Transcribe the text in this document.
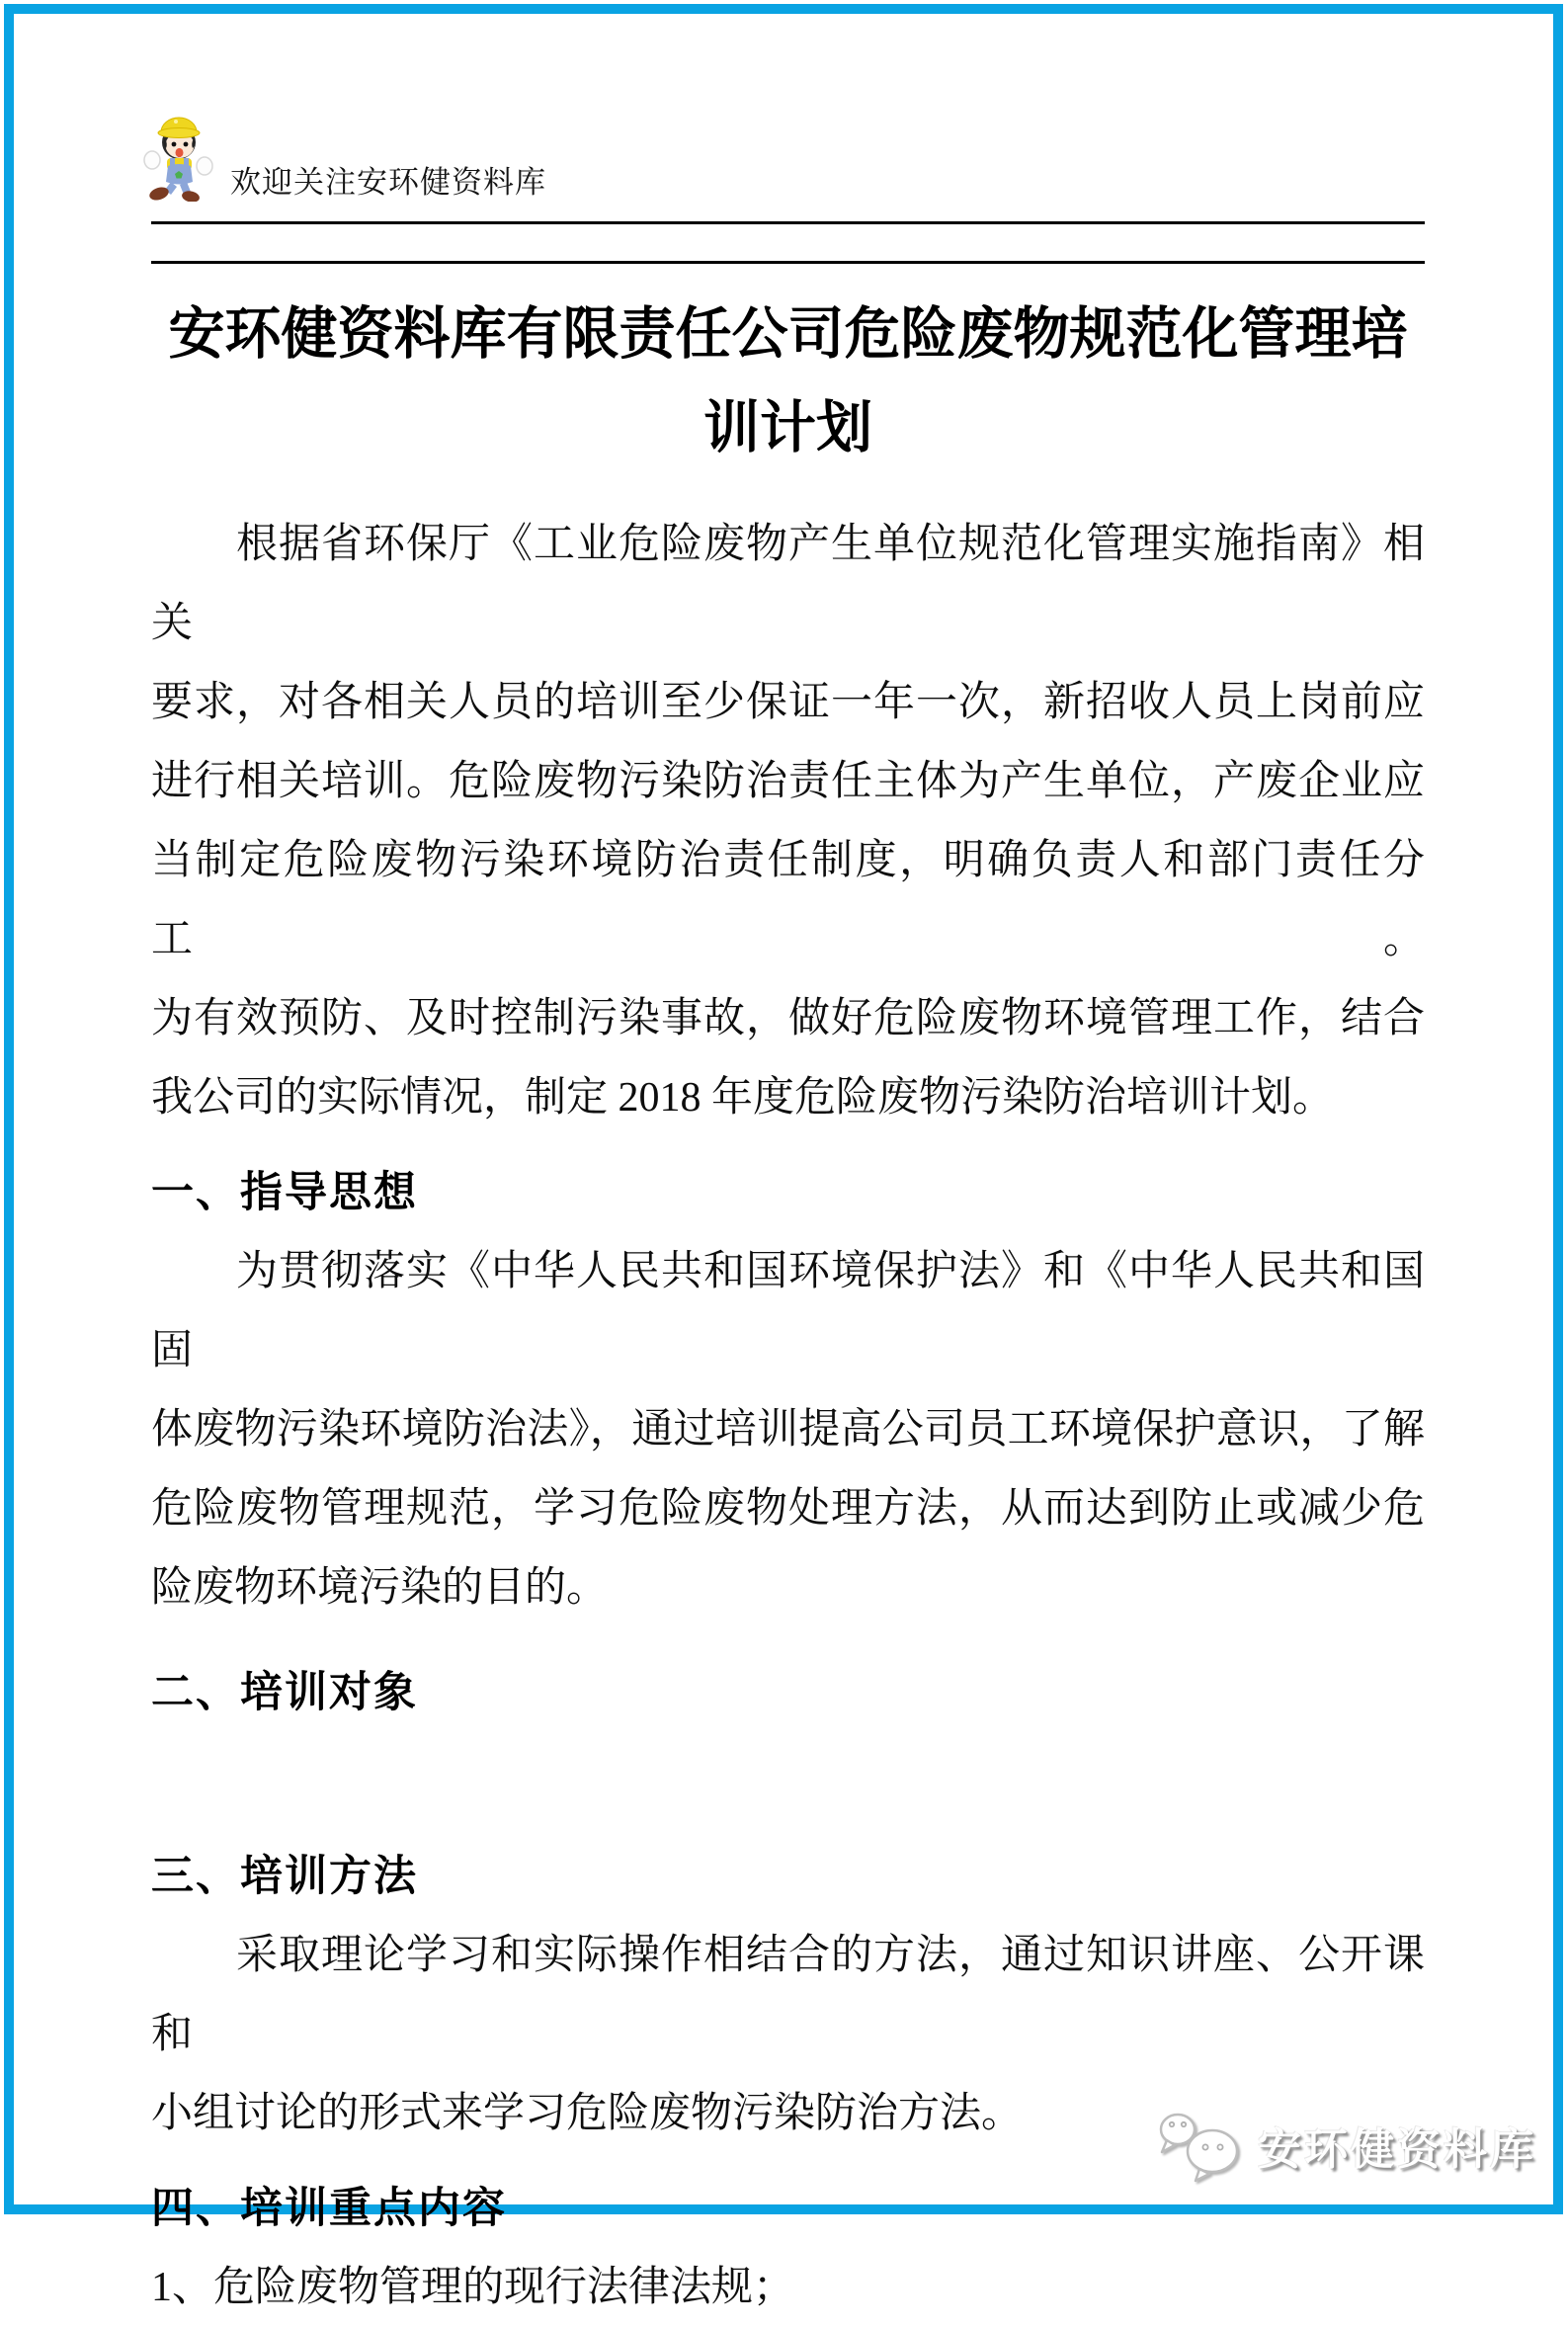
欢迎关注安环健资料库
安环健资料库有限责任公司危险废物规范化管理培
训计划
根据省环保厅《工业危险废物产生单位规范化管理实施指南》相关
要求，对各相关人员的培训至少保证一年一次，新招收人员上岗前应
进行相关培训。危险废物污染防治责任主体为产生单位，产废企业应
当制定危险废物污染环境防治责任制度，明确负责人和部门责任分工。
为有效预防、及时控制污染事故，做好危险废物环境管理工作，结合
我公司的实际情况，制定 2018 年度危险废物污染防治培训计划。
一、指导思想
为贯彻落实《中华人民共和国环境保护法》和《中华人民共和国固
体废物污染环境防治法》，通过培训提高公司员工环境保护意识，了解
危险废物管理规范，学习危险废物处理方法，从而达到防止或减少危
险废物环境污染的目的。
二、培训对象
三、培训方法
采取理论学习和实际操作相结合的方法，通过知识讲座、公开课和
小组讨论的形式来学习危险废物污染防治方法。
四、培训重点内容
1、危险废物管理的现行法律法规；
安环健资料库
